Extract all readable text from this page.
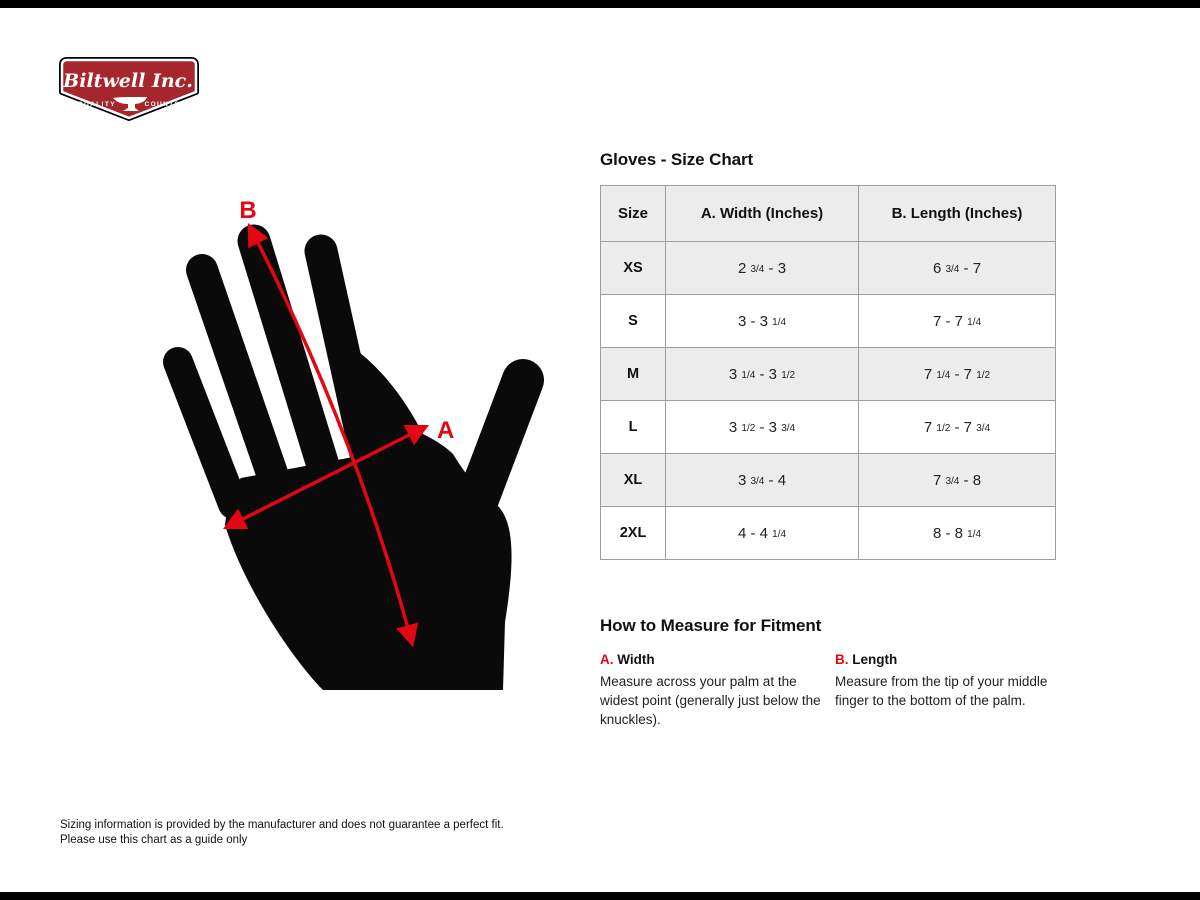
Biltwell Inc.
“QUALITY	COUNTS”
B
A
Gloves - Size Chart
Size	A. Width (Inches)	B. Length (Inches)
XS	2 3/4 - 3	6 3/4 - 7
S	3 - 3 1/4	7 - 7 1/4
M	3 1/4 - 3 1/2	7 1/4 - 7 1/2
L	3 1/2 - 3 3/4	7 1/2 - 7 3/4
XL	3 3/4 - 4	7 3/4 - 8
2XL	4 - 4 1/4	8 - 8 1/4
How to Measure for Fitment
A. Width

Measure across your palm at the widest point (generally just below the knuckles).

B. Length

Measure from the tip of your middle finger to the bottom of the palm.

Sizing information is provided by the manufacturer and does not guarantee a perfect fit.
Please use this chart as a guide only
